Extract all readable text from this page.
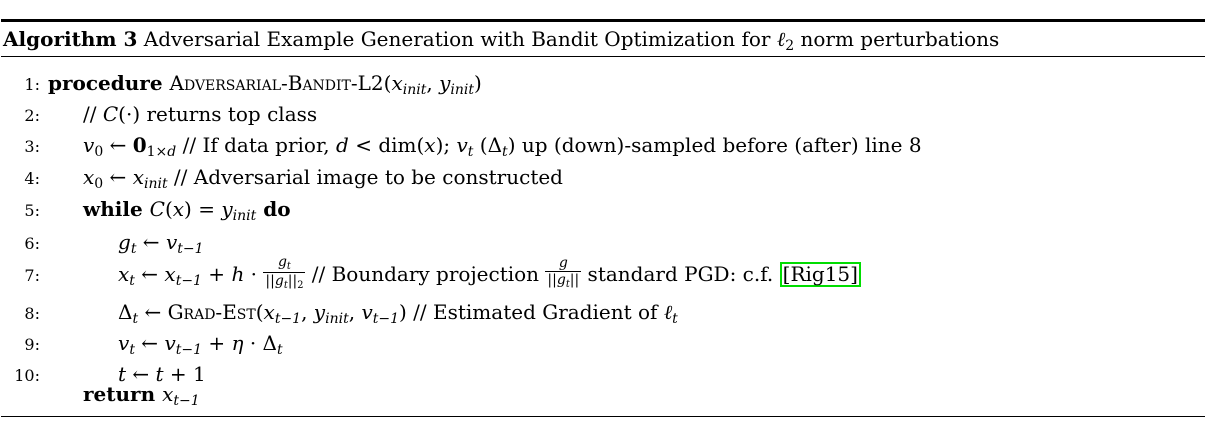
Algorithm 3 Adversarial Example Generation with Bandit Optimization for ℓ$_2$ norm perturbations
1: procedure Adversarial-$Bandit-L2(x_{init}$, $y_{init}$)
2: // C(·) returns top class
3: $v_0$ ← $0_{1\times d}$ // If data prior, d < dim(x); $v_t$ $(\Delta_t)$ up (down)-sampled before (after) line 8
4: $x_0$ ← $x_{init}$ // Adversarial image to be constructed
5: while $C(x) = y_{init}$ do
6:	$g_t$ ← $v_{t-1}$
7:	$x_t$ ← $x_{t-1} + h \cdot \frac{g_t}{||g_t||_2}$ // Boundary projection $\frac{g}{||g_t||}$ standard PGD: c.f. [Rig15]
8:	$\Delta_t$ ← Grad-$Est(x_{t-1}$, $y_{init}$, $v_{t-1}$) // Estimated Gradient of ℓ$_t$
9:	$v_t$ ← $v_{t-1} + \eta \cdot \Delta_t$
10:	t ← t + 1
return $x_{t-1}$
